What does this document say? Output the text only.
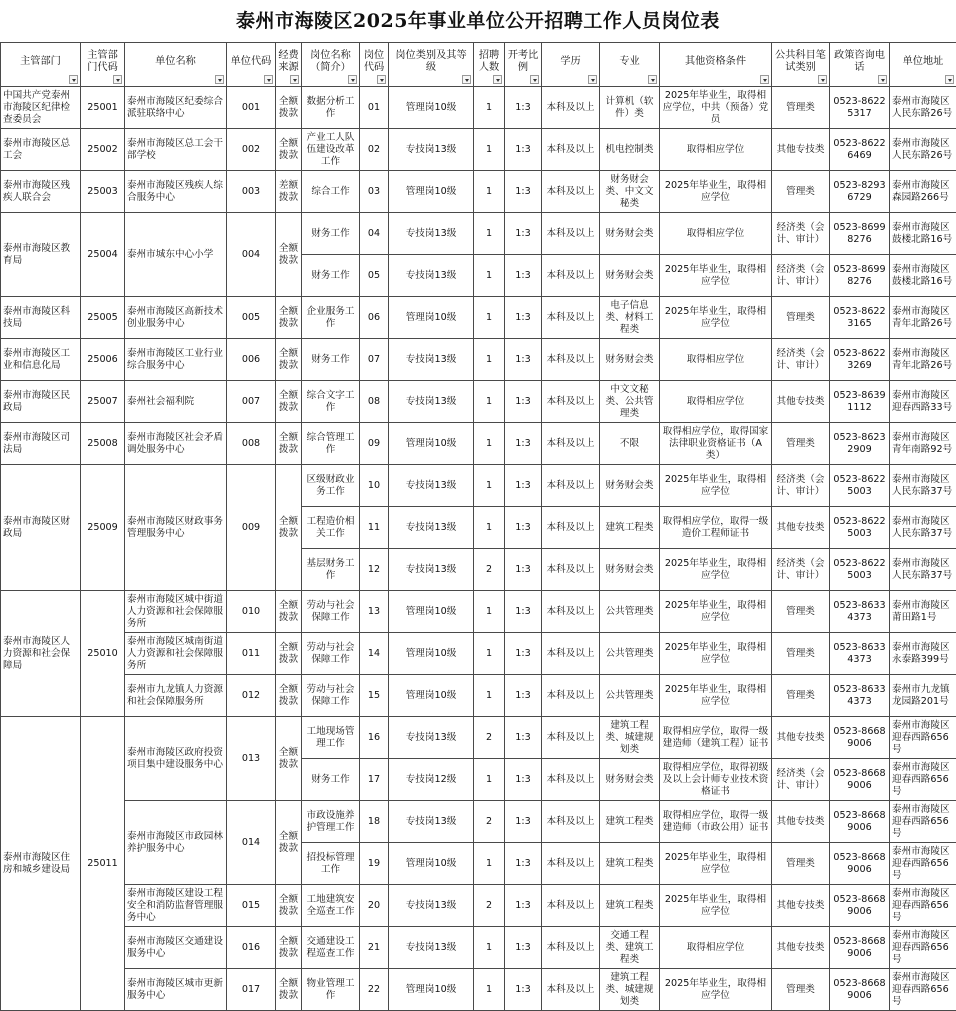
泰州市海陵区2025年事业单位公开招聘工作人员岗位表
主管部门	主管部门代码	单位名称	单位代码	经费来源	岗位名称（简介）	岗位代码	岗位类别及其等级	招聘人数	开考比例	学历	专业	其他资格条件	公共科目笔试类别	政策咨询电话	单位地址

中国共产党泰州市海陵区纪律检查委员会	25001	泰州市海陵区纪委综合派驻联络中心	001	全额拨款	数据分析工作	01	管理岗10级	1	1:3	本科及以上	计算机（软件）类	2025年毕业生，取得相应学位，中共（预备）党员	管理类	0523-86225317	泰州市海陵区人民东路26号
泰州市海陵区总工会	25002	泰州市海陵区总工会干部学校	002	全额拨款	产业工人队伍建设改革工作	02	专技岗13级	1	1:3	本科及以上	机电控制类	取得相应学位	其他专技类	0523-86226469	泰州市海陵区人民东路26号
泰州市海陵区残疾人联合会	25003	泰州市海陵区残疾人综合服务中心	003	差额拨款	综合工作	03	管理岗10级	1	1:3	本科及以上	财务财会类、中文文秘类	2025年毕业生，取得相应学位	管理类	0523-82936729	泰州市海陵区森园路266号
泰州市海陵区教育局	25004	泰州市城东中心小学	004	全额拨款	财务工作	04	专技岗13级	1	1:3	本科及以上	财务财会类	取得相应学位	经济类（会计、审计）	0523-86998276	泰州市海陵区鼓楼北路16号
					财务工作	05	专技岗13级	1	1:3	本科及以上	财务财会类	2025年毕业生，取得相应学位	经济类（会计、审计）	0523-86998276	泰州市海陵区鼓楼北路16号
泰州市海陵区科技局	25005	泰州市海陵区高新技术创业服务中心	005	全额拨款	企业服务工作	06	管理岗10级	1	1:3	本科及以上	电子信息类、材料工程类	2025年毕业生，取得相应学位	管理类	0523-86223165	泰州市海陵区青年北路26号
泰州市海陵区工业和信息化局	25006	泰州市海陵区工业行业综合服务中心	006	全额拨款	财务工作	07	专技岗13级	1	1:3	本科及以上	财务财会类	取得相应学位	经济类（会计、审计）	0523-86223269	泰州市海陵区青年北路26号
泰州市海陵区民政局	25007	泰州社会福利院	007	全额拨款	综合文字工作	08	专技岗13级	1	1:3	本科及以上	中文文秘类、公共管理类	取得相应学位	其他专技类	0523-86391112	泰州市海陵区迎春西路33号
泰州市海陵区司法局	25008	泰州市海陵区社会矛盾调处服务中心	008	全额拨款	综合管理工作	09	管理岗10级	1	1:3	本科及以上	不限	取得相应学位，取得国家法律职业资格证书（A类）	管理类	0523-86232909	泰州市海陵区青年南路92号
泰州市海陵区财政局	25009	泰州市海陵区财政事务管理服务中心	009	全额拨款	区级财政业务工作	10	专技岗13级	1	1:3	本科及以上	财务财会类	2025年毕业生，取得相应学位	经济类（会计、审计）	0523-86225003	泰州市海陵区人民东路37号
					工程造价相关工作	11	专技岗13级	1	1:3	本科及以上	建筑工程类	取得相应学位，取得一级造价工程师证书	其他专技类	0523-86225003	泰州市海陵区人民东路37号
					基层财务工作	12	专技岗13级	2	1:3	本科及以上	财务财会类	2025年毕业生，取得相应学位	经济类（会计、审计）	0523-86225003	泰州市海陵区人民东路37号
泰州市海陵区人力资源和社会保障局	25010	泰州市海陵区城中街道人力资源和社会保障服务所	010	全额拨款	劳动与社会保障工作	13	管理岗10级	1	1:3	本科及以上	公共管理类	2025年毕业生，取得相应学位	管理类	0523-86334373	泰州市海陵区莆田路1号
		泰州市海陵区城南街道人力资源和社会保障服务所	011	全额拨款	劳动与社会保障工作	14	管理岗10级	1	1:3	本科及以上	公共管理类	2025年毕业生，取得相应学位	管理类	0523-86334373	泰州市海陵区永泰路399号
		泰州市九龙镇人力资源和社会保障服务所	012	全额拨款	劳动与社会保障工作	15	管理岗10级	1	1:3	本科及以上	公共管理类	2025年毕业生，取得相应学位	管理类	0523-86334373	泰州市九龙镇龙园路201号
泰州市海陵区住房和城乡建设局	25011	泰州市海陵区政府投资项目集中建设服务中心	013	全额拨款	工地现场管理工作	16	专技岗13级	2	1:3	本科及以上	建筑工程类、城建规划类	取得相应学位，取得一级建造师（建筑工程）证书	其他专技类	0523-86689006	泰州市海陵区迎春西路656号
					财务工作	17	专技岗12级	1	1:3	本科及以上	财务财会类	取得相应学位，取得初级及以上会计师专业技术资格证书	经济类（会计、审计）	0523-86689006	泰州市海陵区迎春西路656号
		泰州市海陵区市政园林养护服务中心	014	全额拨款	市政设施养护管理工作	18	专技岗13级	2	1:3	本科及以上	建筑工程类	取得相应学位，取得一级建造师（市政公用）证书	其他专技类	0523-86689006	泰州市海陵区迎春西路656号
					招投标管理工作	19	管理岗10级	1	1:3	本科及以上	建筑工程类	2025年毕业生，取得相应学位	管理类	0523-86689006	泰州市海陵区迎春西路656号
		泰州市海陵区建设工程安全和消防监督管理服务中心	015	全额拨款	工地建筑安全巡查工作	20	专技岗13级	2	1:3	本科及以上	建筑工程类	2025年毕业生，取得相应学位	其他专技类	0523-86689006	泰州市海陵区迎春西路656号
		泰州市海陵区交通建设服务中心	016	全额拨款	交通建设工程巡查工作	21	专技岗13级	1	1:3	本科及以上	交通工程类、建筑工程类	取得相应学位	其他专技类	0523-86689006	泰州市海陵区迎春西路656号
		泰州市海陵区城市更新服务中心	017	全额拨款	物业管理工作	22	管理岗10级	1	1:3	本科及以上	建筑工程类、城建规划类	2025年毕业生，取得相应学位	管理类	0523-86689006	泰州市海陵区迎春西路656号
